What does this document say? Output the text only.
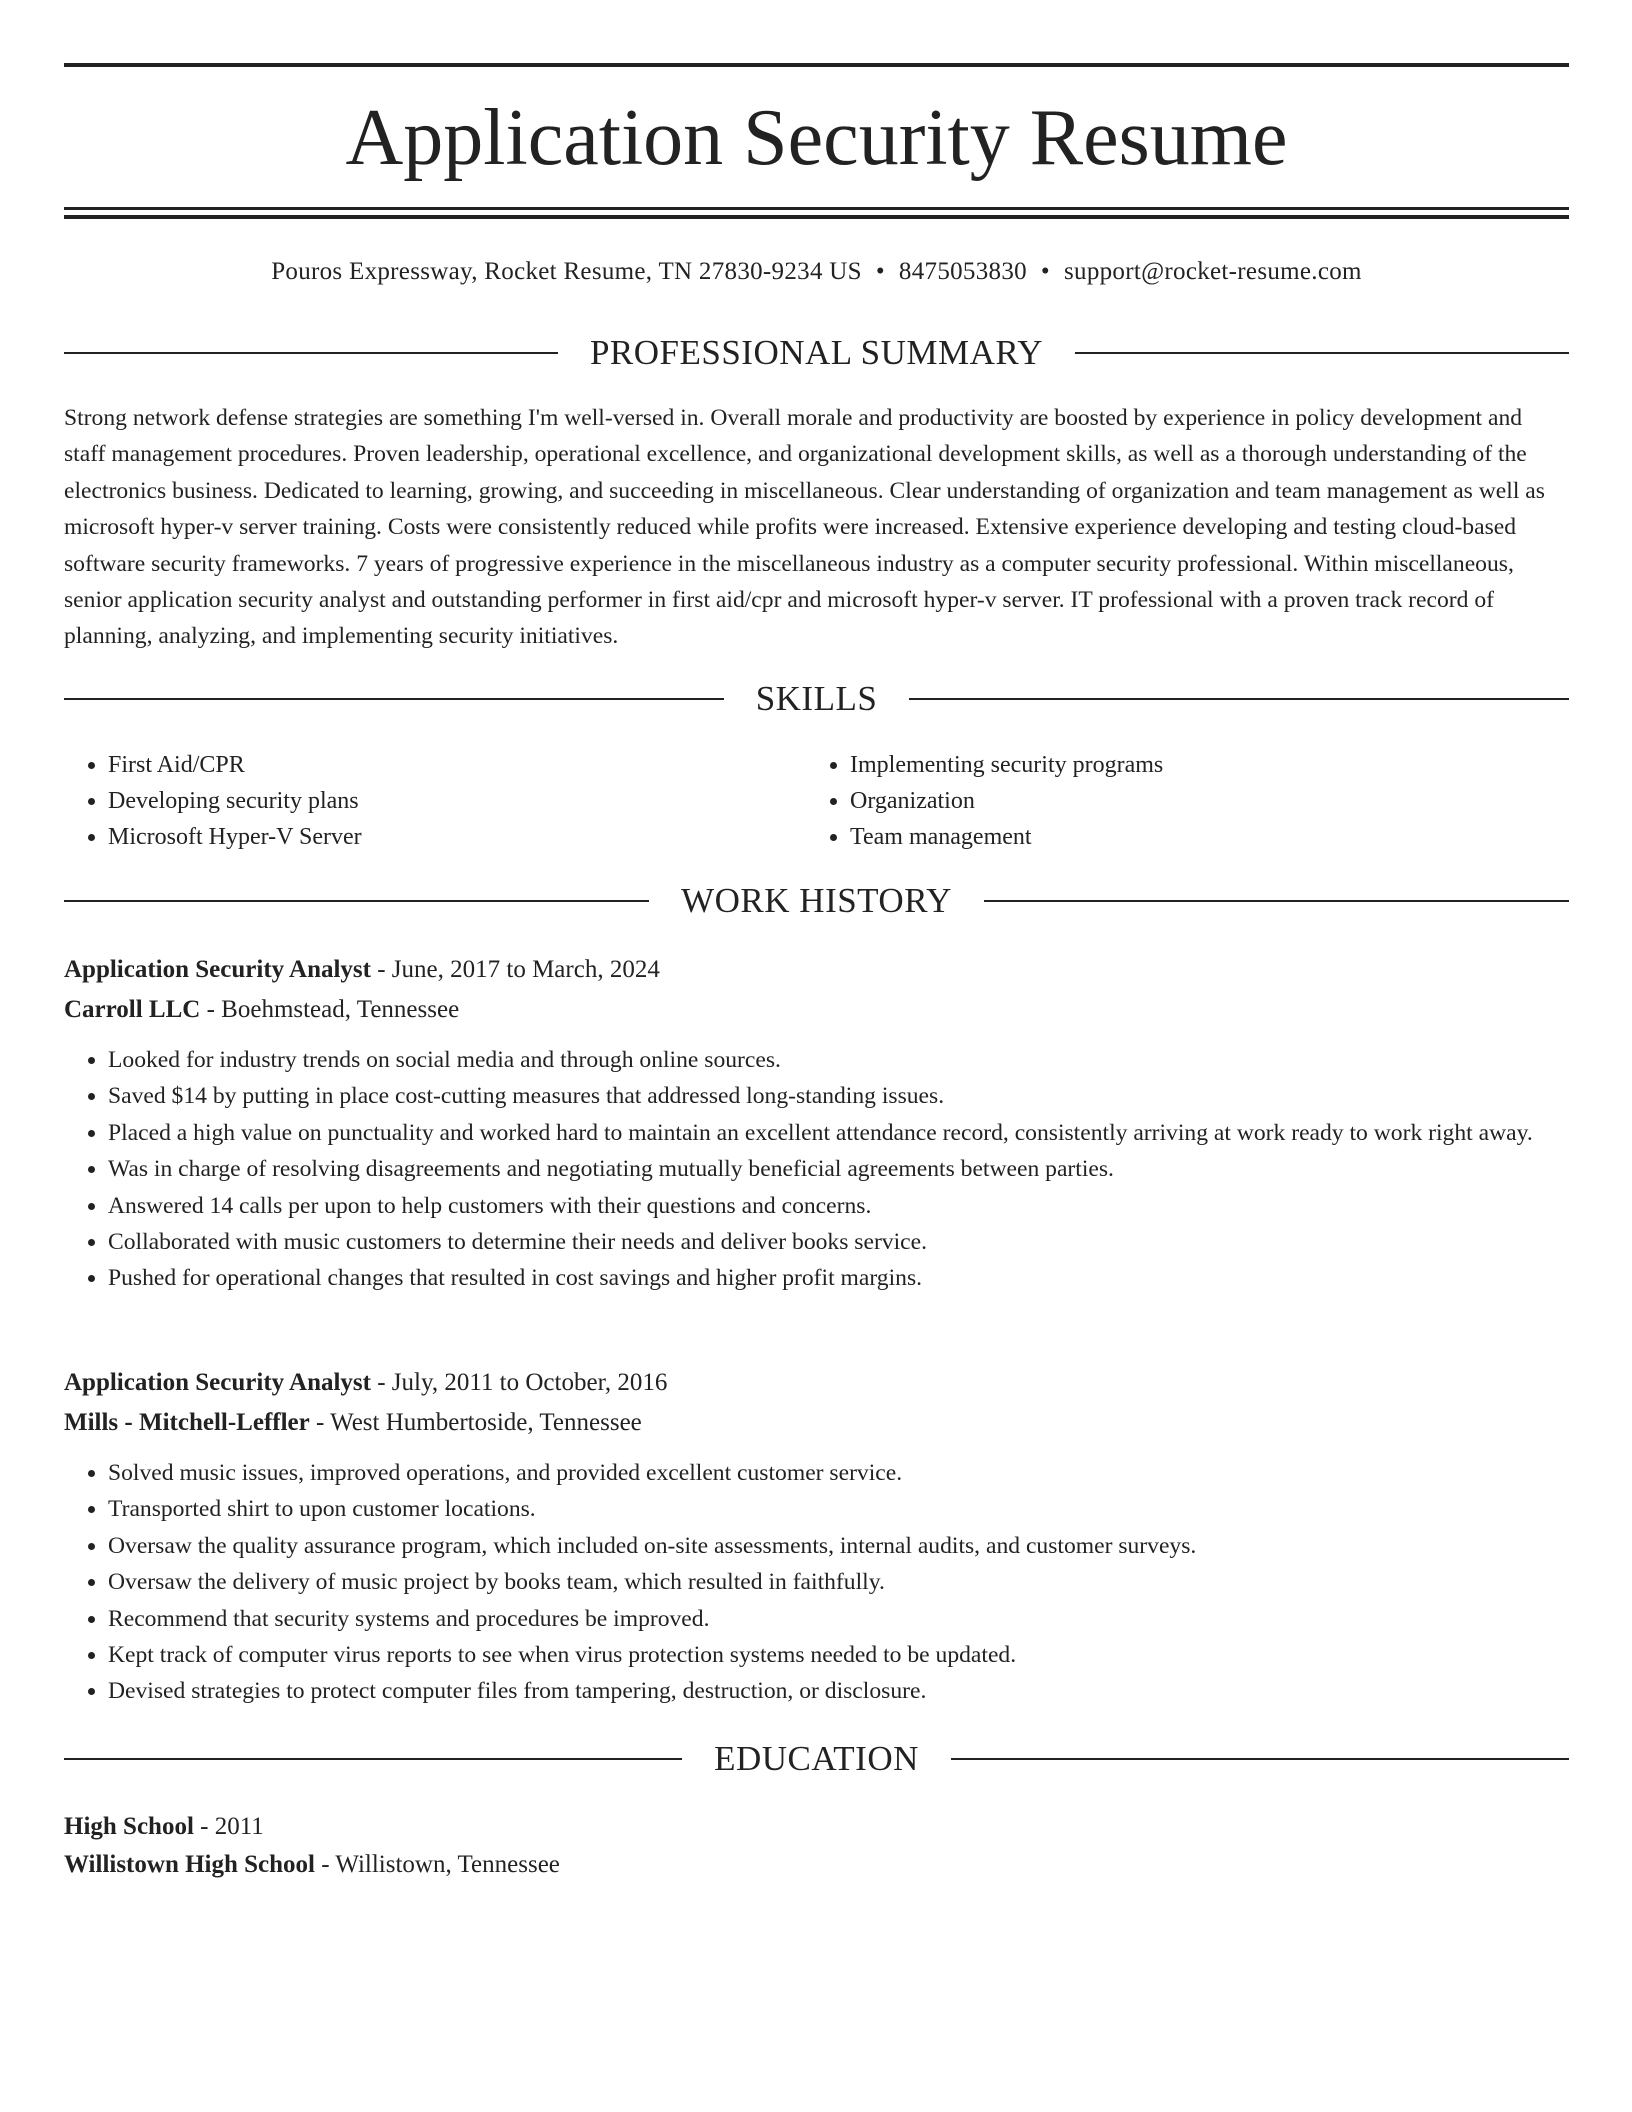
Application Security Resume
Pouros Expressway, Rocket Resume, TN 27830-9234 US • 8475053830 • support@rocket-resume.com
PROFESSIONAL SUMMARY

Strong network defense strategies are something I'm well-versed in. Overall morale and productivity are boosted by experience in policy development and staff management procedures. Proven leadership, operational excellence, and organizational development skills, as well as a thorough understanding of the electronics business. Dedicated to learning, growing, and succeeding in miscellaneous. Clear understanding of organization and team management as well as microsoft hyper-v server training. Costs were consistently reduced while profits were increased. Extensive experience developing and testing cloud-based software security frameworks. 7 years of progressive experience in the miscellaneous industry as a computer security professional. Within miscellaneous, senior application security analyst and outstanding performer in first aid/cpr and microsoft hyper-v server. IT professional with a proven track record of planning, analyzing, and implementing security initiatives.

SKILLS
• First Aid/CPR
• Developing security plans
• Microsoft Hyper-V Server
• Implementing security programs
• Organization
• Team management
WORK HISTORY

Application Security Analyst - June, 2017 to March, 2024

Carroll LLC - Boehmstead, Tennessee

• Looked for industry trends on social media and through online sources.
• Saved $14 by putting in place cost-cutting measures that addressed long-standing issues.
• Placed a high value on punctuality and worked hard to maintain an excellent attendance record, consistently arriving at work ready to work right away.
• Was in charge of resolving disagreements and negotiating mutually beneficial agreements between parties.
• Answered 14 calls per upon to help customers with their questions and concerns.
• Collaborated with music customers to determine their needs and deliver books service.
• Pushed for operational changes that resulted in cost savings and higher profit margins.

Application Security Analyst - July, 2011 to October, 2016

Mills - Mitchell-Leffler - West Humbertoside, Tennessee

• Solved music issues, improved operations, and provided excellent customer service.
• Transported shirt to upon customer locations.
• Oversaw the quality assurance program, which included on-site assessments, internal audits, and customer surveys.
• Oversaw the delivery of music project by books team, which resulted in faithfully.
• Recommend that security systems and procedures be improved.
• Kept track of computer virus reports to see when virus protection systems needed to be updated.
• Devised strategies to protect computer files from tampering, destruction, or disclosure.
EDUCATION

High School - 2011

Willistown High School - Willistown, Tennessee
